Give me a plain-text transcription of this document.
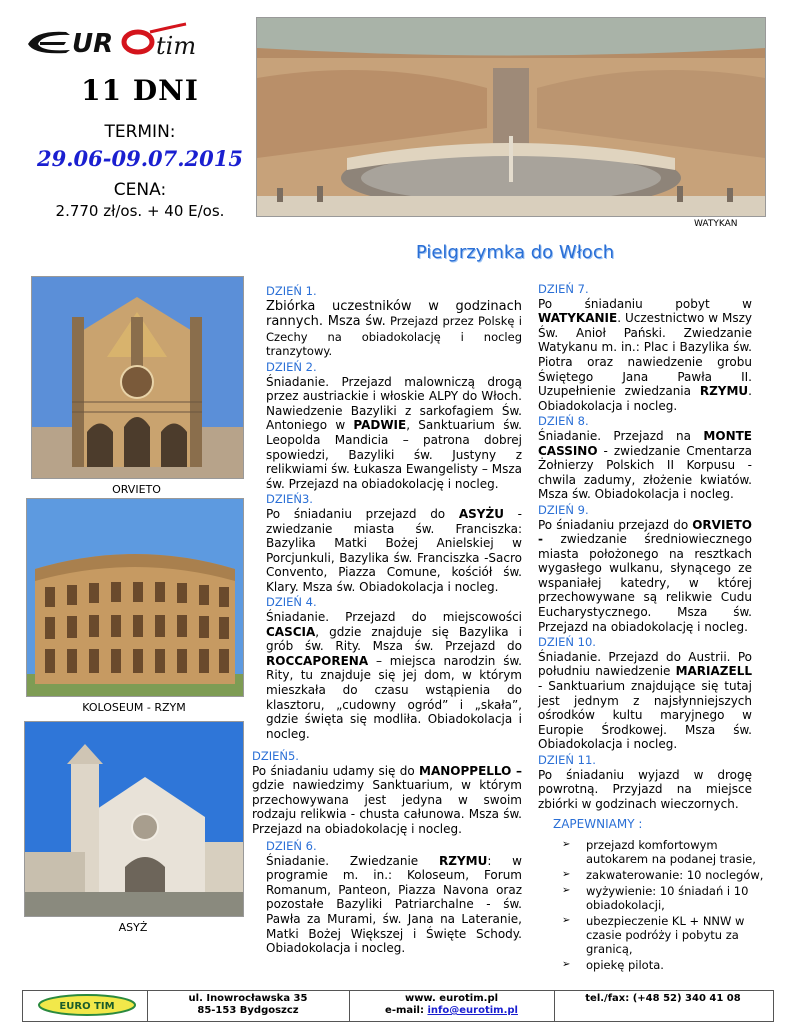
UR tim
11 DNI
TERMIN:
29.06-09.07.2015
CENA:
2.770 zł/os. + 40 E/os.
WATYKAN
Pielgrzymka do Włoch
ORVIETO
KOLOSEUM - RZYM
ASYŻ
DZIEŃ 1.

Zbiórka uczestników w godzinach rannych. Msza św. Przejazd przez Polskę i Czechy na obiadokolację i nocleg tranzytowy.

DZIEŃ 2.

Śniadanie. Przejazd malowniczą drogą przez austriackie i włoskie ALPY do Włoch. Nawiedzenie Bazyliki z sarkofagiem Św. Antoniego w PADWIE, Sanktuarium św. Leopolda Mandicia – patrona dobrej spowiedzi, Bazyliki św. Justyny z relikwiami św. Łukasza Ewangelisty – Msza św. Przejazd na obiadokolację i nocleg.

DZIEŃ3.

Po śniadaniu przejazd do ASYŻU - zwiedzanie miasta św. Franciszka: Bazylika Matki Bożej Anielskiej w Porcjunkuli, Bazylika św. Franciszka -Sacro Convento, Piazza Comune, kościół św. Klary. Msza św. Obiadokolacja i nocleg.

DZIEŃ 4.

Śniadanie. Przejazd do miejscowości CASCIA, gdzie znajduje się Bazylika i grób św. Rity. Msza św. Przejazd do ROCCAPORENA – miejsca narodzin św. Rity, tu znajduje się jej dom, w którym mieszkała do czasu wstąpienia do klasztoru, „cudowny ogród” i „skała”, gdzie święta się modliła. Obiadokolacja i nocleg.

DZIEŃ5.

Po śniadaniu udamy się do MANOPPELLO – gdzie nawiedzimy Sanktuarium, w którym przechowywana jest jedyna w swoim rodzaju relikwia - chusta całunowa. Msza św. Przejazd na obiadokolację i nocleg.

DZIEŃ 6.

Śniadanie. Zwiedzanie RZYMU: w programie m. in.: Koloseum, Forum Romanum, Panteon, Piazza Navona oraz pozostałe Bazyliki Patriarchalne - św. Pawła za Murami, św. Jana na Lateranie, Matki Bożej Większej i Święte Schody. Obiadokolacja i nocleg.

DZIEŃ 7.

Po śniadaniu pobyt w WATYKANIE. Uczestnictwo w Mszy Św. Anioł Pański. Zwiedzanie Watykanu m. in.: Plac i Bazylika św. Piotra oraz nawiedzenie grobu Świętego Jana Pawła II. Uzupełnienie zwiedzania RZYMU. Obiadokolacja i nocleg.

DZIEŃ 8.

Śniadanie. Przejazd na MONTE CASSINO - zwiedzanie Cmentarza Żołnierzy Polskich II Korpusu - chwila zadumy, złożenie kwiatów. Msza św. Obiadokolacja i nocleg.

DZIEŃ 9.

Po śniadaniu przejazd do ORVIETO - zwiedzanie średniowiecznego miasta położonego na resztkach wygasłego wulkanu, słynącego ze wspaniałej katedry, w której przechowywane są relikwie Cudu Eucharystycznego. Msza św. Przejazd na obiadokolację i nocleg.

DZIEŃ 10.

Śniadanie. Przejazd do Austrii. Po południu nawiedzenie MARIAZELL - Sanktuarium znajdujące się tutaj jest jednym z najsłynniejszych ośrodków kultu maryjnego w Europie Środkowej. Msza św. Obiadokolacja i nocleg.

DZIEŃ 11.

Po śniadaniu wyjazd w drogę powrotną. Przyjazd na miejsce zbiórki w godzinach wieczornych.

ZAPEWNIAMY :
➢ przejazd komfortowym autokarem na podanej trasie,
➢ zakwaterowanie: 10 noclegów,
➢ wyżywienie: 10 śniadań i 10 obiadokolacji,
➢ ubezpieczenie KL + NNW w czasie podróży i pobytu za granicą,
➢ opiekę pilota.
EURO TIM
ul. Inowrocławska 35
85-153 Bydgoszcz
www. eurotim.pl
e-mail: info@eurotim.pl
tel./fax: (+48 52) 340 41 08
